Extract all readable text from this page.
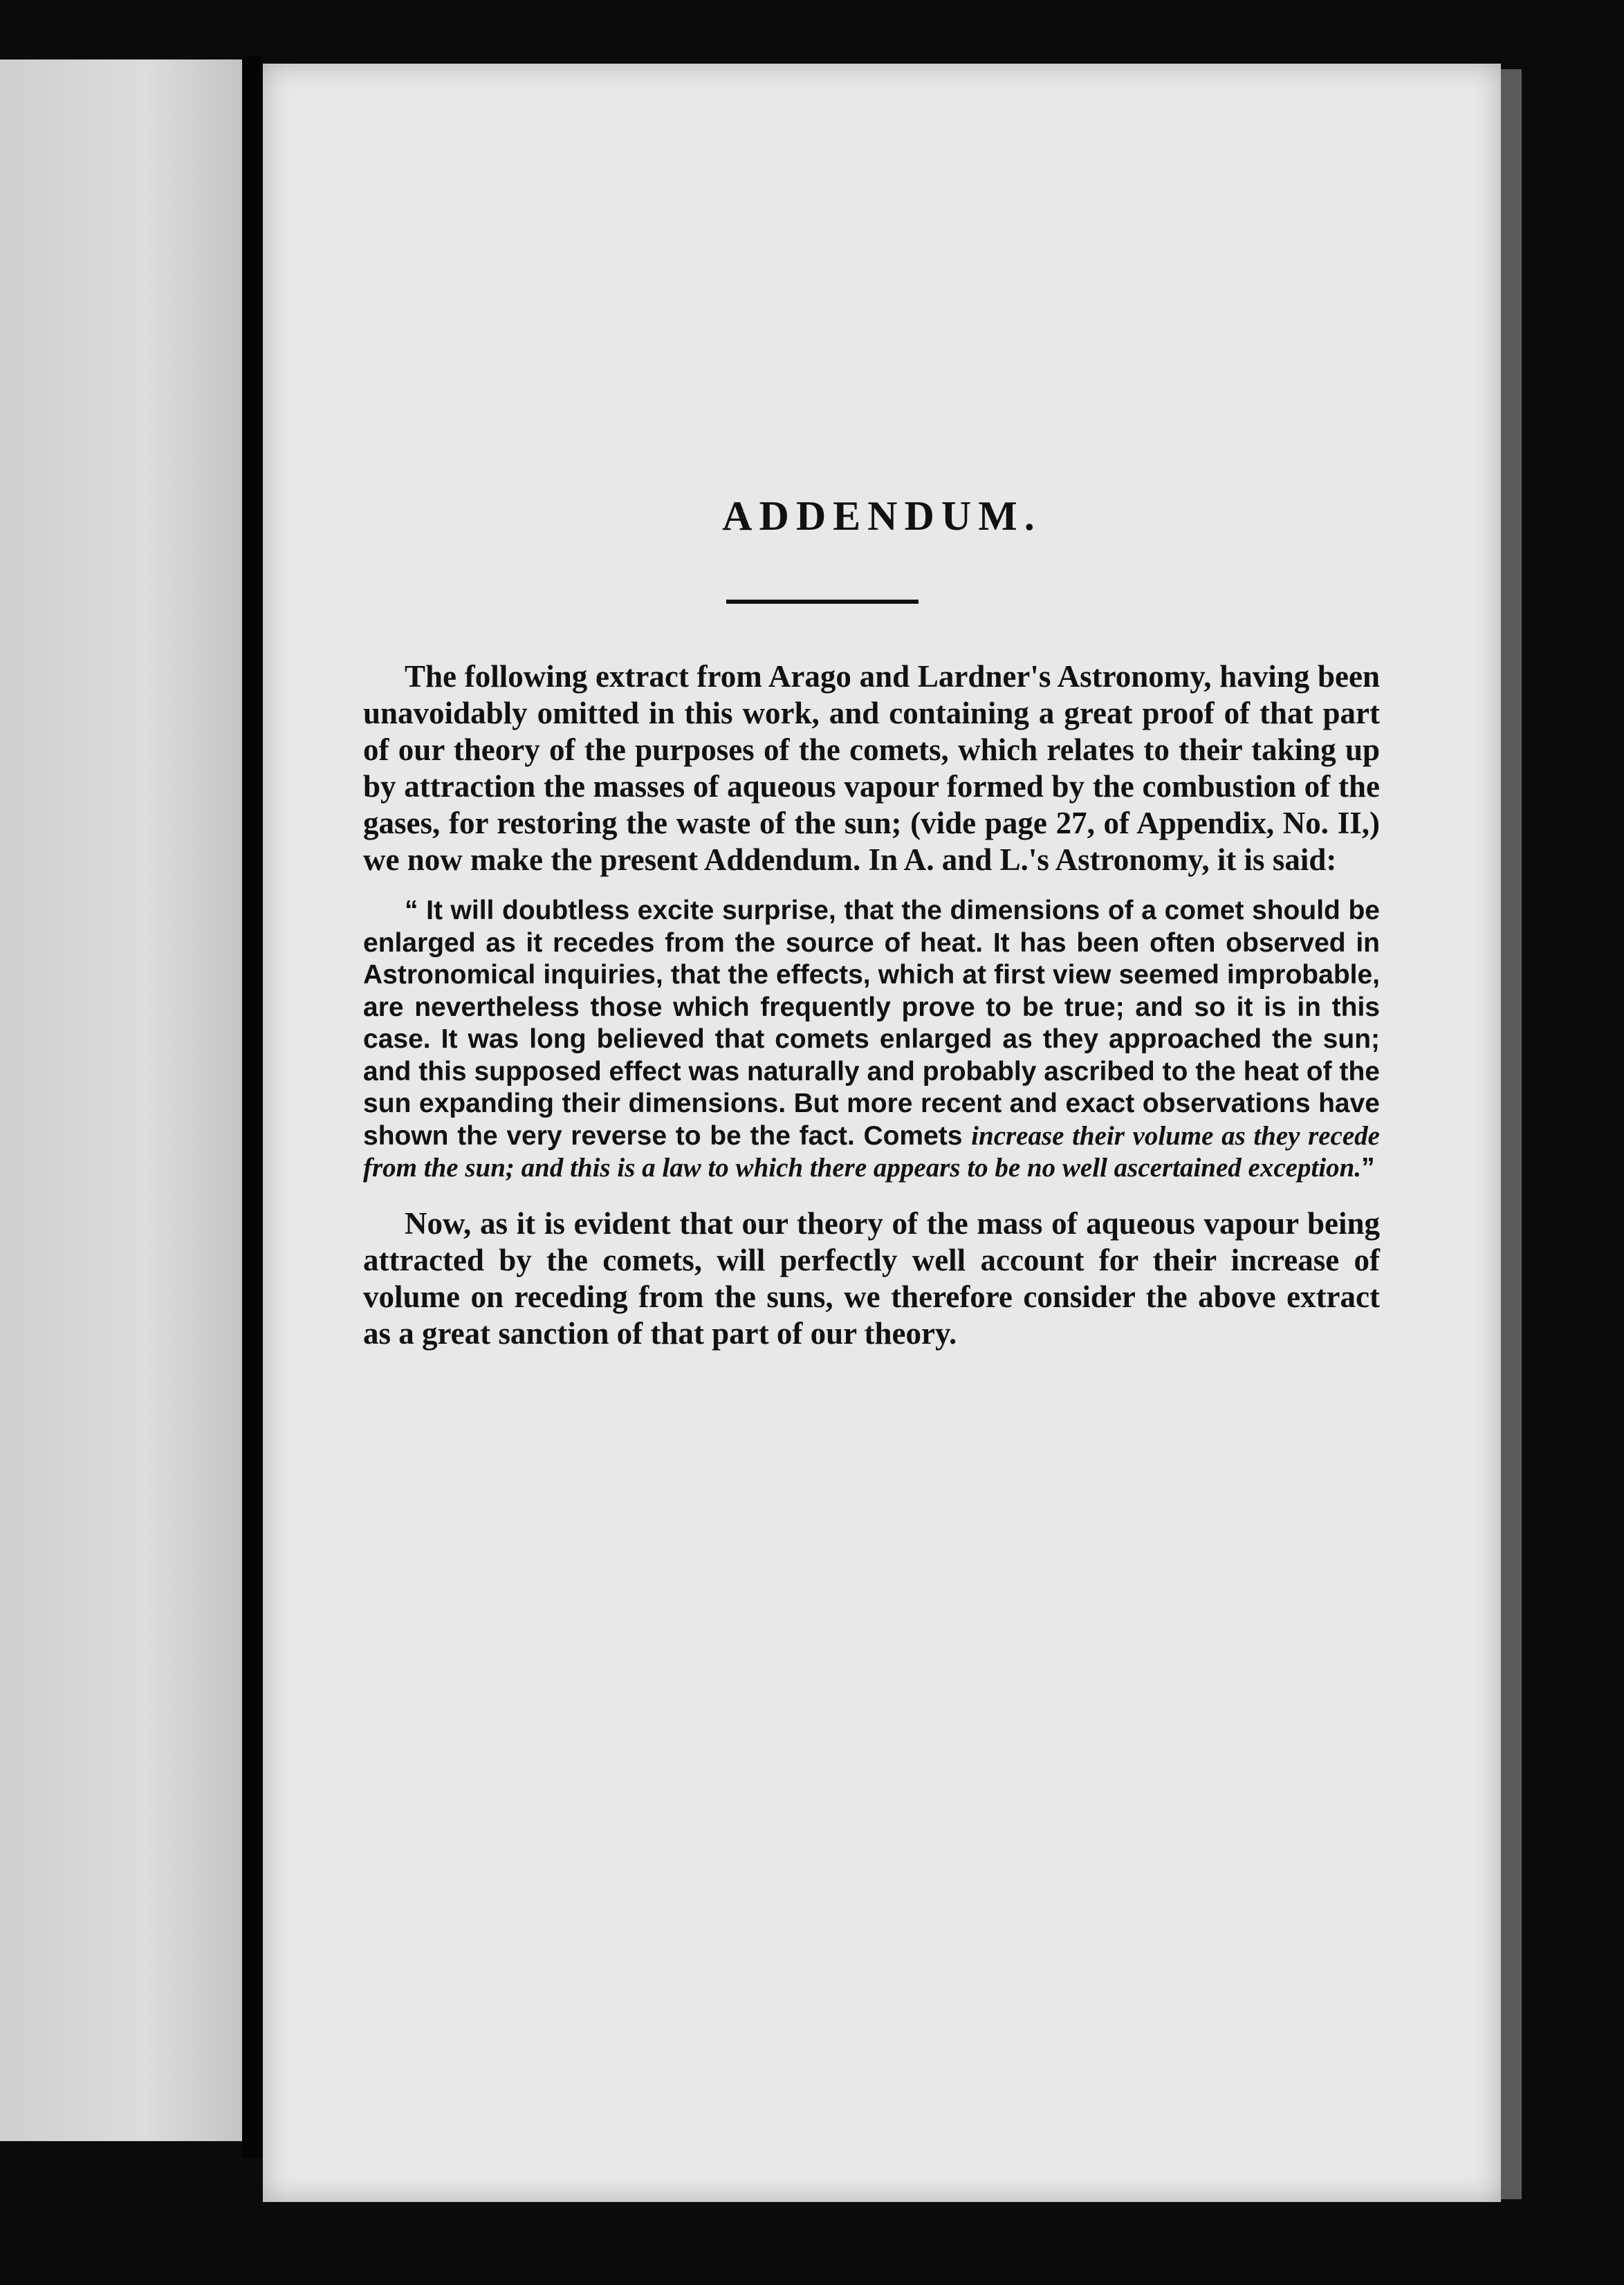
ADDENDUM.

The following extract from Arago and Lardner's Astronomy, having been unavoidably omitted in this work, and containing a great proof of that part of our theory of the purposes of the comets, which relates to their taking up by attraction the masses of aqueous vapour formed by the combustion of the gases, for restoring the waste of the sun; (vide page 27, of Appendix, No. II,) we now make the present Addendum. In A. and L.'s Astronomy, it is said:

“ It will doubtless excite surprise, that the dimensions of a comet should be enlarged as it recedes from the source of heat. It has been often observed in Astronomical inquiries, that the effects, which at first view seemed improbable, are nevertheless those which frequently prove to be true; and so it is in this case. It was long believed that comets enlarged as they approached the sun; and this supposed effect was naturally and probably ascribed to the heat of the sun expanding their dimensions. But more recent and exact observations have shown the very reverse to be the fact. Comets increase their volume as they recede from the sun; and this is a law to which there appears to be no well ascertained exception.”

Now, as it is evident that our theory of the mass of aqueous vapour being attracted by the comets, will perfectly well account for their increase of volume on receding from the suns, we therefore consider the above extract as a great sanction of that part of our theory.
